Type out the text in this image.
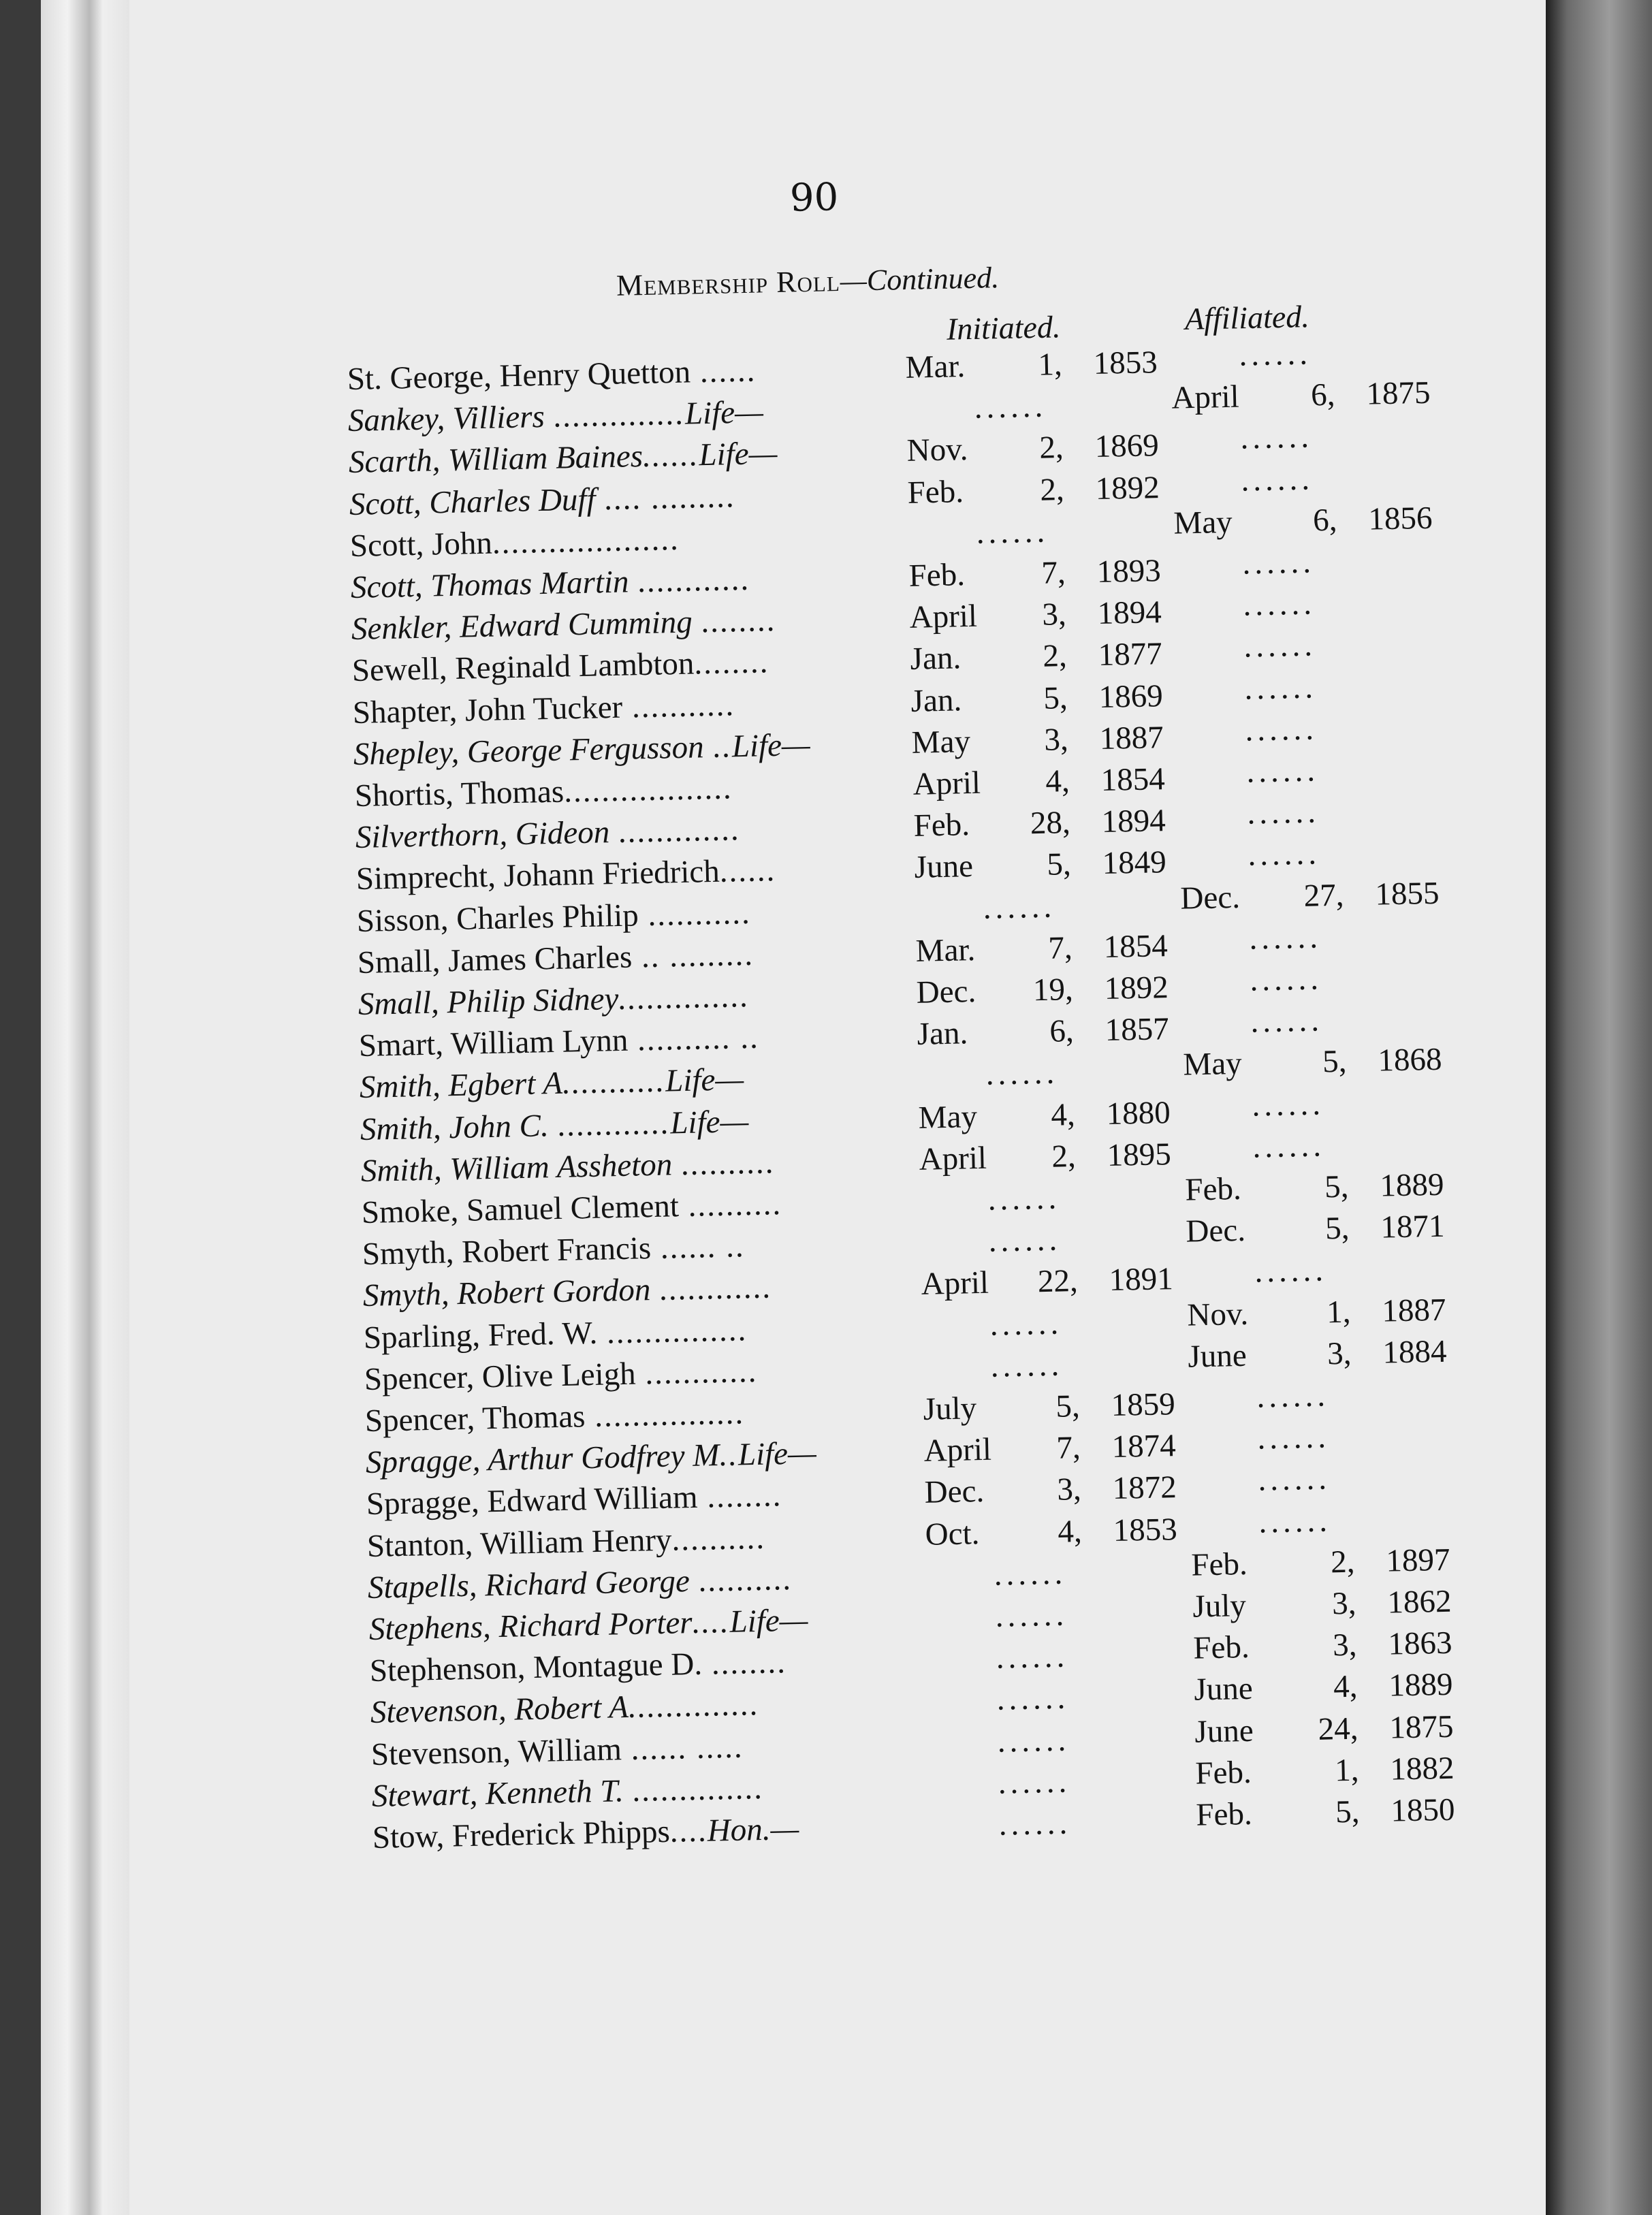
90
Membership Roll—Continued.
Initiated.	Affiliated.
St. George, Henry Quetton ......	Mar. 1, 1853	......
Sankey, Villiers ..............Life—	......	April 6, 1875
Scarth, William Baines......Life—	Nov. 2, 1869	......
Scott, Charles Duff .... .........	Feb. 2, 1892	......
Scott, John....................	......	May 6, 1856
Scott, Thomas Martin ............	Feb. 7, 1893	......
Senkler, Edward Cumming ........	April 3, 1894	......
Sewell, Reginald Lambton........	Jan.	2, 1877	......
Shapter, John Tucker ...........	Jan.	5, 1869	......
Shepley, George Fergusson ..Life—	May 3, 1887	......
Shortis, Thomas..................	April 4, 1854	......
Silverthorn, Gideon .............	Feb. 28, 1894	......
Simprecht, Johann Friedrich......	June 5, 1849	......
Sisson, Charles Philip ...........	......	Dec. 27, 1855
Small, James Charles .. .........	Mar. 7, 1854	......
Small, Philip Sidney..............	Dec. 19, 1892	......
Smart, William Lynn .......... ..	Jan.	6, 1857	......
Smith, Egbert A...........Life—	......	May 5, 1868
Smith, John C. ............Life—	May 4, 1880	......
Smith, William Assheton ..........	April 2, 1895	......
Smoke, Samuel Clement ..........	......	Feb.	5, 1889
Smyth, Robert Francis ...... ..	......	Dec. 5, 1871
Smyth, Robert Gordon ............	April 22, 1891	......
Sparling, Fred. W. ...............	......	Nov. 1, 1887
Spencer, Olive Leigh ............	......	June 3, 1884
Spencer, Thomas ................	July 5, 1859	......
Spragge, Arthur Godfrey M..Life—	April 7, 1874	......
Spragge, Edward William ........	Dec. 3, 1872	......
Stanton, William Henry..........	Oct. 4, 1853	......
Stapells, Richard George ..........	......	Feb.	2, 1897
Stephens, Richard Porter....Life—	......	July	3, 1862
Stephenson, Montague D. ........	......	Feb.	3, 1863
Stevenson, Robert A..............	......	June 4, 1889
Stevenson, William ...... .....	......	June 24, 1875
Stewart, Kenneth T. ..............	......	Feb.	1, 1882
Stow, Frederick Phipps....Hon.—	......	Feb.	5, 1850
